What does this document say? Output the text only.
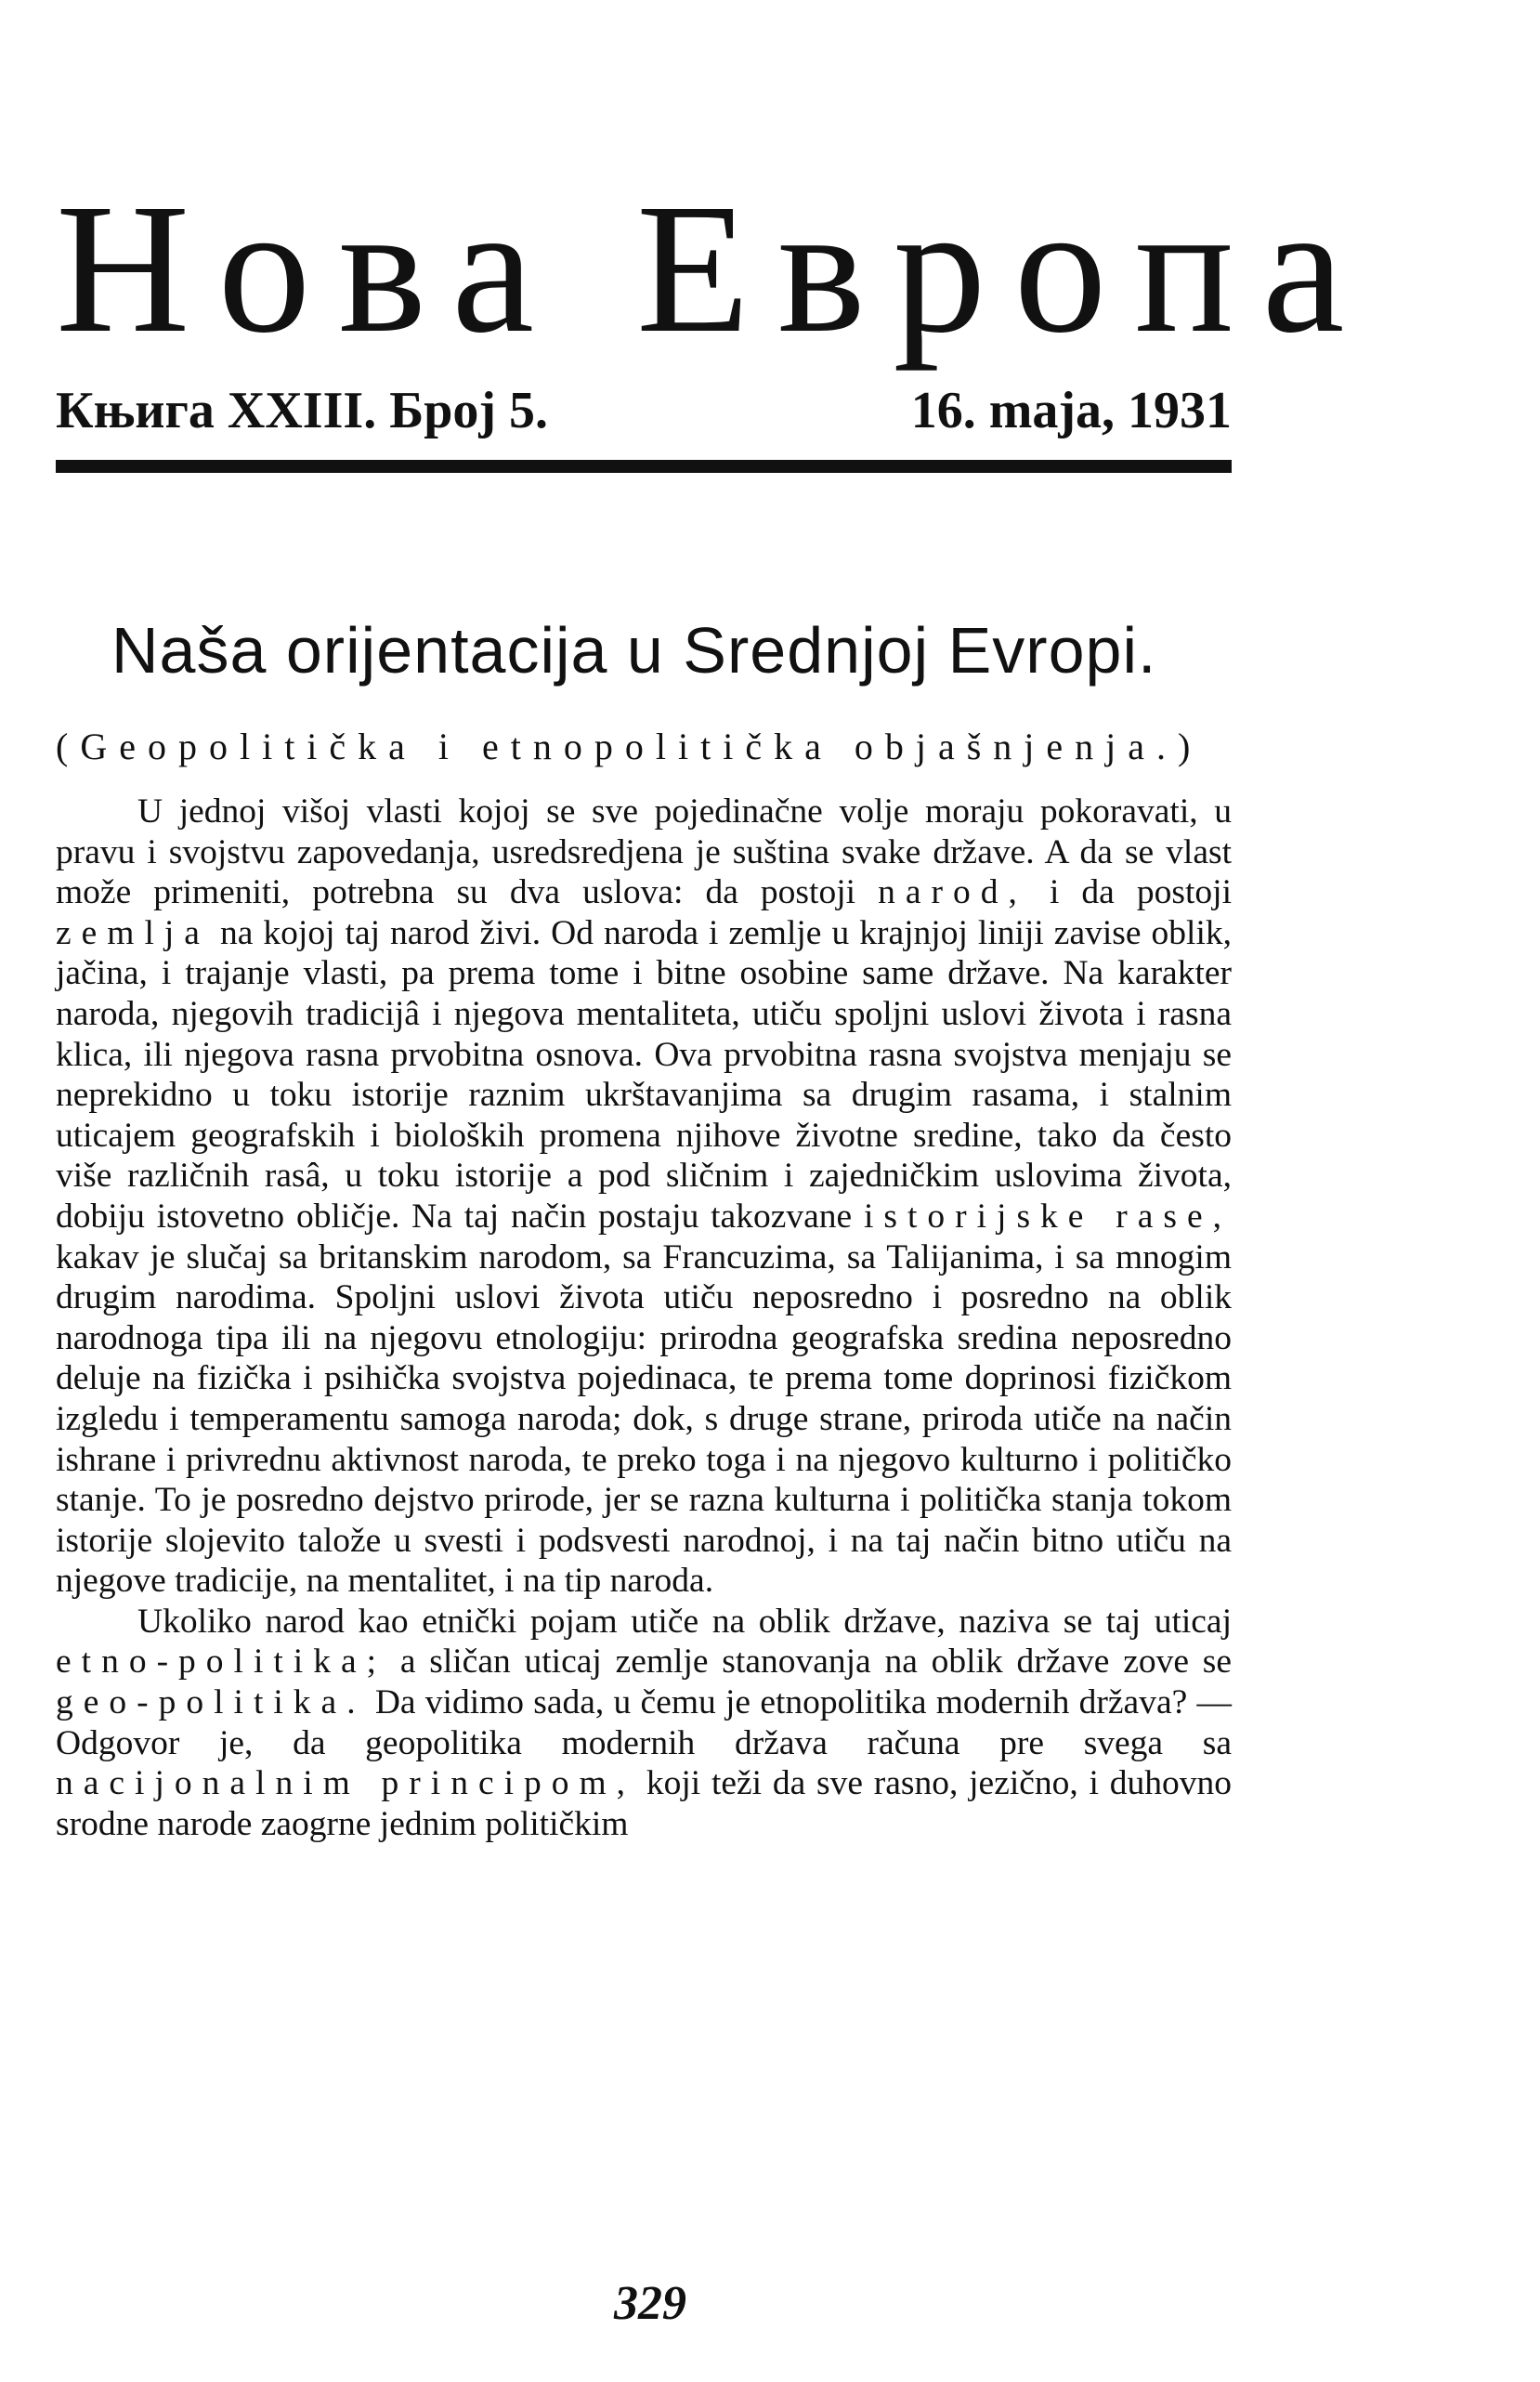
Нова Европа
Књига XXIII. Број 5.	16. maja, 1931
Naša orijentacija u Srednjoj Evropi.
(Geopolitička i etnopolitička objašnjenja.)

U jednoj višoj vlasti kojoj se sve pojedinačne volje moraju pokoravati, u pravu i svojstvu zapovedanja, usredsredjena je suština svake države. A da se vlast može primeniti, potrebna su dva uslova: da postoji narod, i da postoji zemlja na kojoj taj narod živi. Od naroda i zemlje u krajnjoj liniji zavise oblik, jačina, i trajanje vlasti, pa prema tome i bitne osobine same države. Na karakter naroda, njegovih tradicijâ i njegova mentaliteta, utiču spoljni uslovi života i rasna klica, ili njegova rasna prvobitna osnova. Ova prvobitna rasna svojstva menjaju se neprekidno u toku istorije raznim ukrštavanjima sa drugim rasama, i stalnim uticajem geografskih i bioloških promena njihove životne sredine, tako da često više različnih rasâ, u toku istorije a pod sličnim i zajedničkim uslovima života, dobiju istovetno obličje. Na taj način postaju takozvane istorijske rase, kakav je slučaj sa britanskim narodom, sa Francuzima, sa Talijanima, i sa mnogim drugim narodima. Spoljni uslovi života utiču neposredno i posredno na oblik narodnoga tipa ili na njegovu etnologiju: prirodna geografska sredina neposredno deluje na fizička i psihička svojstva pojedinaca, te prema tome doprinosi fizičkom izgledu i temperamentu samoga naroda; dok, s druge strane, priroda utiče na način ishrane i privrednu aktivnost naroda, te preko toga i na njegovo kulturno i političko stanje. To je posredno dejstvo prirode, jer se razna kulturna i politička stanja tokom istorije slojevito talože u svesti i podsvesti narodnoj, i na taj način bitno utiču na njegove tradicije, na mentalitet, i na tip naroda.

Ukoliko narod kao etnički pojam utiče na oblik države, naziva se taj uticaj etno-politika; a sličan uticaj zemlje stanovanja na oblik države zove se geo-politika. Da vidimo sada, u čemu je etnopolitika modernih država? — Odgovor je, da geopolitika modernih država računa pre svega sa nacijonalnim principom, koji teži da sve rasno, jezično, i duhovno srodne narode zaogrne jednim političkim

329
